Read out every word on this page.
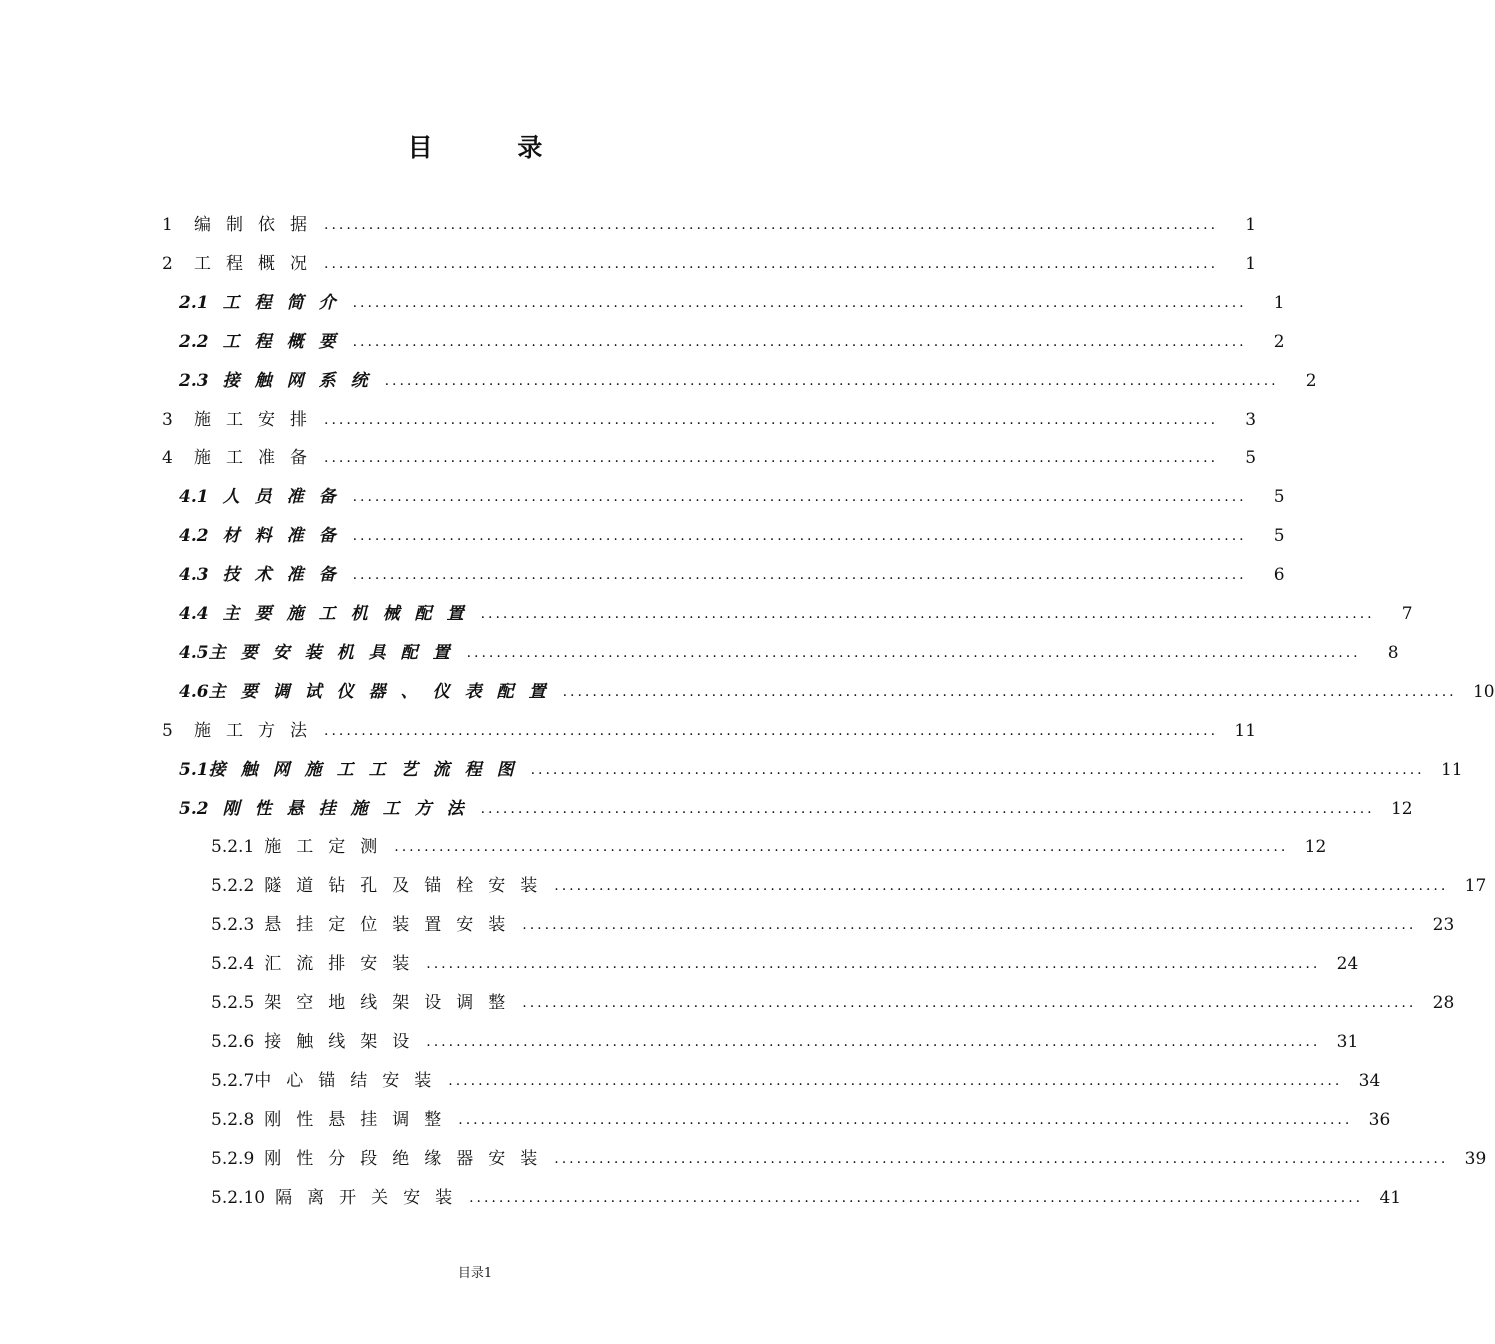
目 录
1	编制依据 ........................................................................................................................	1
2	工程概况 ........................................................................................................................	1
2.1 工程简介 ........................................................................................................................	1
2.2 工程概要 ........................................................................................................................	2
2.3 接触网系统 ........................................................................................................................	2
3	施工安排 ........................................................................................................................	3
4	施工准备 ........................................................................................................................	5
4.1 人员准备 ........................................................................................................................	5
4.2 材料准备 ........................................................................................................................	5
4.3 技术准备 ........................................................................................................................	6
4.4 主要施工机械配置 ........................................................................................................................	7
4.5 主要安装机具配置 ........................................................................................................................	8
4.6 主要调试仪器、仪表配置 ........................................................................................................................ 10
5	施工方法 ........................................................................................................................ 11
5.1 接触网施工工艺流程图 ........................................................................................................................ 11
5.2 刚性悬挂施工方法 ........................................................................................................................ 12
5.2.1 施工定测 ........................................................................................................................ 12
5.2.2 隧道钻孔及锚栓安装 ........................................................................................................................ 17
5.2.3 悬挂定位装置安装 ........................................................................................................................ 23
5.2.4 汇流排安装 ........................................................................................................................ 24
5.2.5 架空地线架设调整 ........................................................................................................................ 28
5.2.6 接触线架设 ........................................................................................................................ 31
5.2.7 中心锚结安装 ........................................................................................................................ 34
5.2.8 刚性悬挂调整 ........................................................................................................................ 36
5.2.9 刚性分段绝缘器安装 ........................................................................................................................ 39
5.2.10 隔离开关安装 ........................................................................................................................ 41
目录1
